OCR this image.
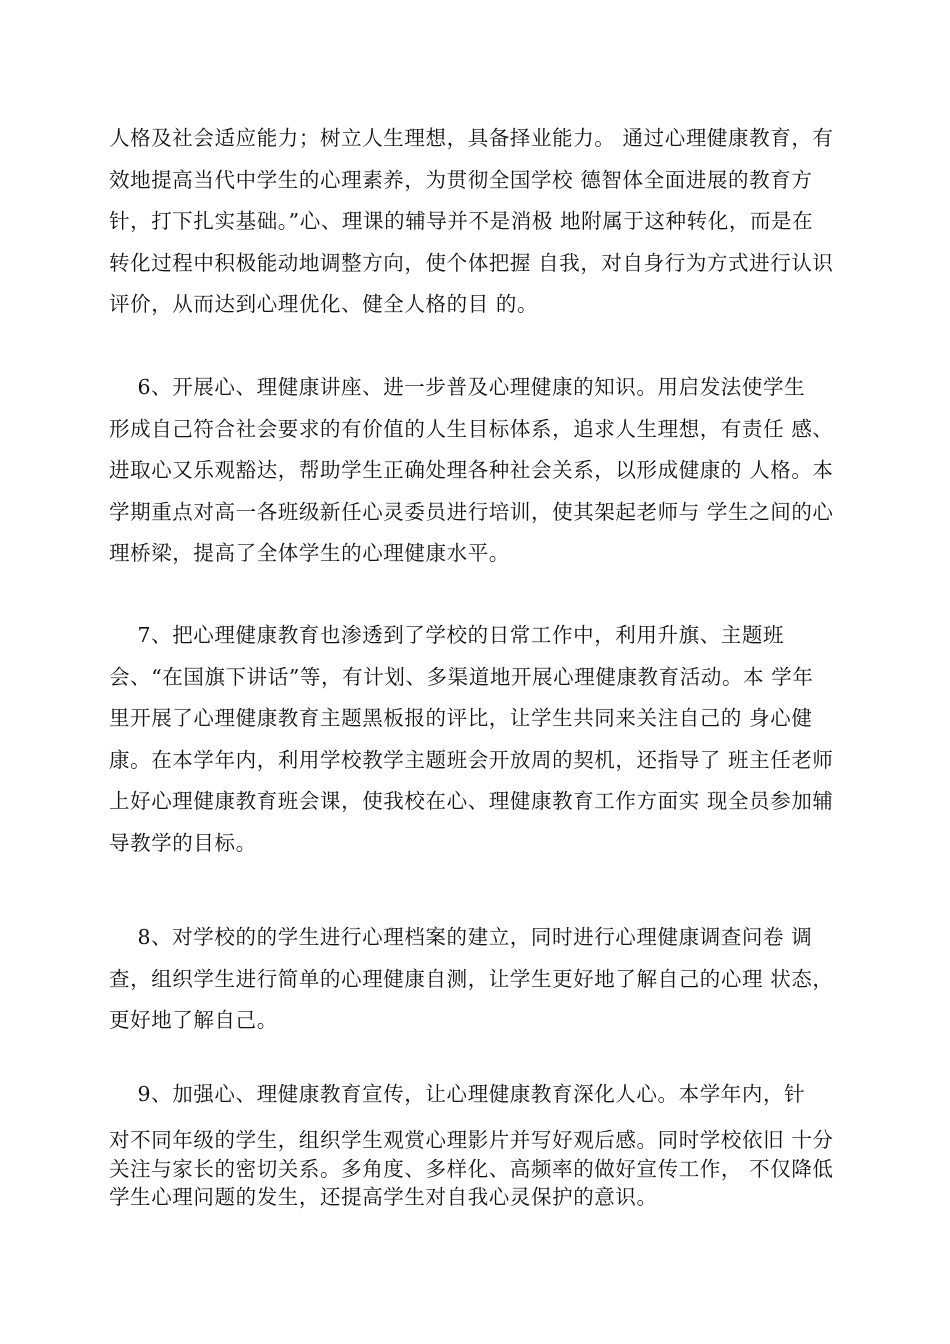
人格及社会适应能力；树立人生理想，具备择业能力。 通过心理健康教育，有
效地提高当代中学生的心理素养，为贯彻全国学校 德智体全面进展的教育方
针，打下扎实基础。”心、理课的辅导并不是消极 地附属于这种转化，而是在
转化过程中积极能动地调整方向，使个体把握 自我，对自身行为方式进行认识
评价，从而达到心理优化、健全人格的目 的。
6、开展心、理健康讲座、进一步普及心理健康的知识。用启发法使学生
形成自己符合社会要求的有价值的人生目标体系，追求人生理想，有责任 感、
进取心又乐观豁达，帮助学生正确处理各种社会关系，以形成健康的 人格。本
学期重点对高一各班级新任心灵委员进行培训，使其架起老师与 学生之间的心
理桥梁，提高了全体学生的心理健康水平。
7、把心理健康教育也渗透到了学校的日常工作中，利用升旗、主题班
会、“在国旗下讲话”等，有计划、多渠道地开展心理健康教育活动。本 学年
里开展了心理健康教育主题黑板报的评比，让学生共同来关注自己的 身心健
康。在本学年内，利用学校教学主题班会开放周的契机，还指导了 班主任老师
上好心理健康教育班会课，使我校在心、理健康教育工作方面实 现全员参加辅
导教学的目标。
8、对学校的的学生进行心理档案的建立，同时进行心理健康调查问卷 调
查，组织学生进行简单的心理健康自测，让学生更好地了解自己的心理 状态，
更好地了解自己。
9、加强心、理健康教育宣传，让心理健康教育深化人心。本学年内，针
对不同年级的学生，组织学生观赏心理影片并写好观后感。同时学校依旧 十分
关注与家长的密切关系。多角度、多样化、高频率的做好宣传工作， 不仅降低
学生心理问题的发生，还提高学生对自我心灵保护的意识。
